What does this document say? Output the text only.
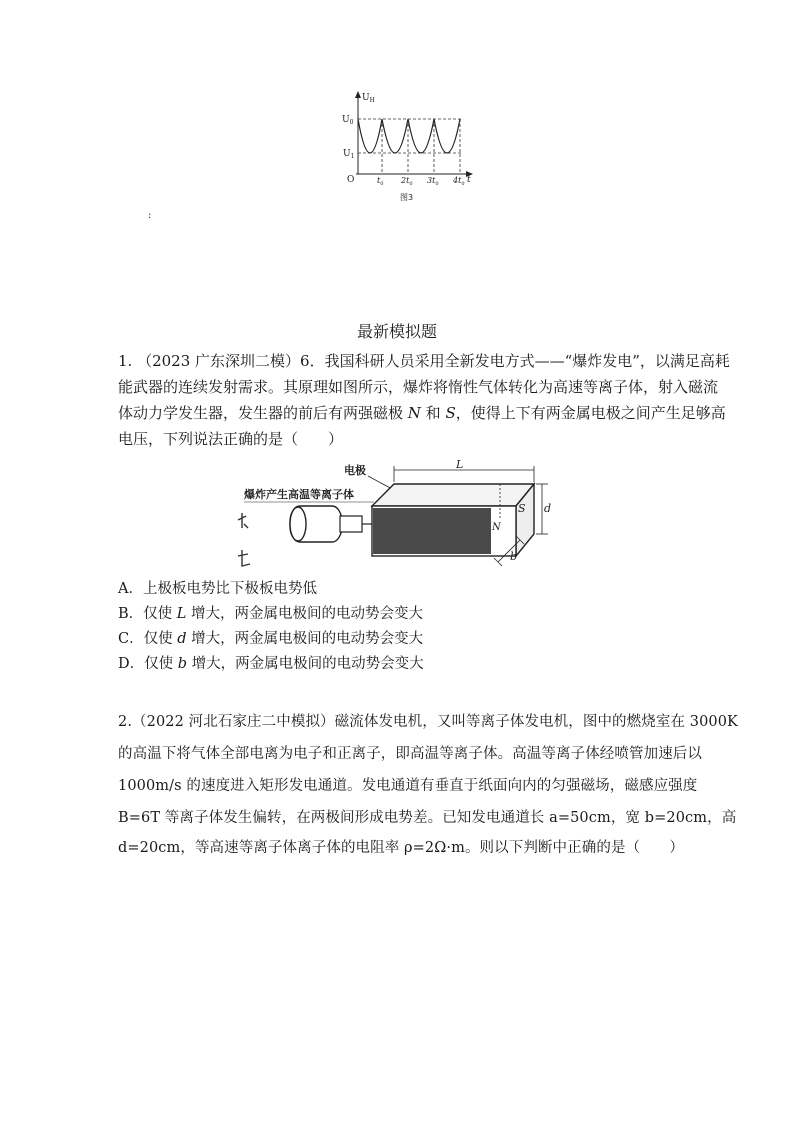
$U_H$
$U_0$
$U_1$
O	t
$t_0$ $2t_0$ $3t_0$ $4t_0$
图3
:
最新模拟题
1. （2023 广东深圳二模）6．我国科研人员采用全新发电方式——“爆炸发电”，以满足高耗
能武器的连续发射需求。其原理如图所示，爆炸将惰性气体转化为高速等离子体，射入磁流
体动力学发生器，发生器的前后有两强磁极 N 和 S，使得上下有两金属电极之间产生足够高
电压，下列说法正确的是（　　）
电极
爆炸产生高温等离子体
L
S d
N
b
A．上极板电势比下极板电势低
B．仅使 L 增大，两金属电极间的电动势会变大
C．仅使 d 增大，两金属电极间的电动势会变大
D．仅使 b 增大，两金属电极间的电动势会变大
2.（2022 河北石家庄二中模拟）磁流体发电机，又叫等离子体发电机，图中的燃烧室在 3000K
的高温下将气体全部电离为电子和正离子，即高温等离子体。高温等离子体经喷管加速后以
1000m/s 的速度进入矩形发电通道。发电通道有垂直于纸面向内的匀强磁场，磁感应强度
B=6T 等离子体发生偏转，在两极间形成电势差。已知发电通道长 a=50cm，宽 b=20cm，高
d=20cm，等高速等离子体离子体的电阻率 ρ=2Ω·m。则以下判断中正确的是（　　）
